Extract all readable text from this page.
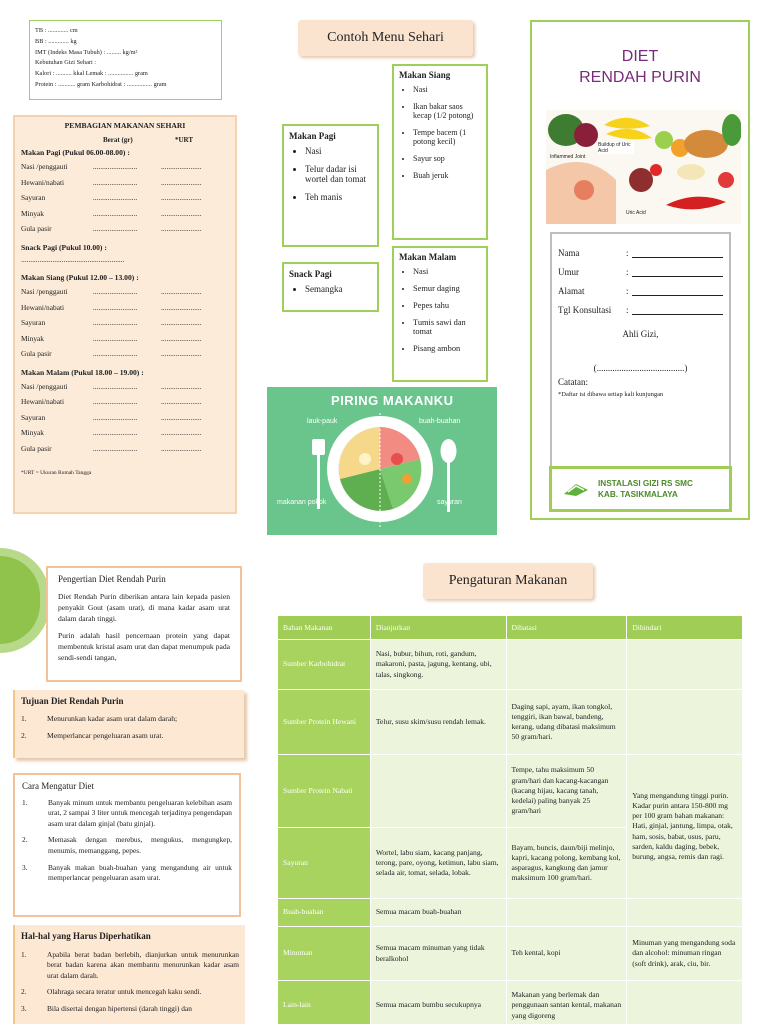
TB : ............. cm
BB : ............. kg
IMT (Indeks Masa Tubuh) : ......... kg/m²
Kebutuhan Gizi Sehari :
Kalori : .......... kkal Lemak : ................ gram
Protein : ........... gram Karbohidrat : ................ gram
PEMBAGIAN MAKANAN SEHARI
Berat (gr)	*URT
Makan Pagi (Pukul 06.00-08.00) :
Nasi /penggauti	........................	......................
Hewani/nabati	........................	......................
Sayuran	........................	......................
Minyak	........................	......................
Gula pasir	........................	......................
Snack Pagi (Pukul 10.00) :
........................................................
Makan Siang (Pukul 12.00 – 13.00) :
Nasi /penggauti	........................	......................
Hewani/nabati	........................	......................
Sayuran	........................	......................
Minyak	........................	......................
Gula pasir	........................	......................
Makan Malam (Pukul 18.00 – 19.00) :
Nasi /penggauti	........................	......................
Hewani/nabati	........................	......................
Sayuran	........................	......................
Minyak	........................	......................
Gula pasir	........................	......................
*URT = Ukuran Rumah Tangga
Contoh Menu Sehari
Makan Pagi
• Nasi
• Telur dadar isi wortel dan tomat
• Teh manis
Snack Pagi
• Semangka
Makan Siang
• Nasi
• Ikan bakar saos kecap (1/2 potong)
• Tempe bacem (1 potong kecil)
• Sayur sop
• Buah jeruk
Makan Malam
• Nasi
• Semur daging
• Pepes tahu
• Tumis sawi dan tomat
• Pisang ambon
PIRING MAKANKU
lauk-pauk	buah-buahan
makanan pokok	sayuran
DIET
RENDAH PURIN
Inflammed Joint
Buildup of Uric Acid
Uric Acid
Nama	:
Umur	:
Alamat	:
Tgl Konsultasi	:
Ahli Gizi,
(.......................................)
Catatan:
*Daftar isi dibawa setiap kali kunjungan
INSTALASI GIZI RS SMC
KAB. TASIKMALAYA
Pengertian Diet Rendah Purin

Diet Rendah Purin diberikan antara lain kepada pasien penyakit Gout (asam urat), di mana kadar asam urat dalam darah tinggi.

Purin adalah hasil pencernaan protein yang dapat membentuk kristal asam urat dan dapat menumpuk pada sendi-sendi tangan,

Tujuan Diet Rendah Purin
1.	Menurunkan kadar asam urat dalam darah;
2.	Memperlancar pengeluaran asam urat.
Cara Mengatur Diet
1.	Banyak minum untuk membantu pengeluaran kelebihan asam urat, 2 sampai 3 liter untuk mencegah terjadinya pengendapan asam urat dalam ginjal (batu ginjal).
2.	Memasak dengan merebus, mengukus, mengungkep, menumis, memanggang, pepes.
3.	Banyak makan buah-buahan yang mengandung air untuk memperlancar pengeluaran asam urat.
Hal-hal yang Harus Diperhatikan
1.	Apabila berat badan berlebih, dianjurkan untuk menurunkan berat badan karena akan membantu menurunkan kadar asam urat dalam darah.
2.	Olahraga secara teratur untuk mencegah kaku sendi.
3.	Bila disertai dengan hipertensi (darah tinggi) dan
Pengaturan Makanan
Bahan Makanan	Dianjurkan	Dibatasi	Dihindari
Sumber Karbohidrat	Nasi, bubur, bihun, roti, gandum, makaroni, pasta, jagung, kentang, ubi, talas, singkong.		
Sumber Protein Hewani	Telur, susu skim/susu rendah lemak.	Daging sapi, ayam, ikan tongkol, tenggiri, ikan bawal, bandeng, kerang, udang dibatasi maksimum 50 gram/hari.	
Sumber Protein Nabati		Tempe, tahu maksimum 50 gram/hari dan kacang-kacangan (kacang hijau, kacang tanah, kedelai) paling banyak 25 gram/hari	Yang mengandung tinggi purin. Kadar purin antara 150-800 mg per 100 gram bahan makanan: Hati, ginjal, jantung, limpa, otak, ham, sosis, babat, usus, paru, sarden, kaldu daging, bebek, burung, angsa, remis dan ragi.
Sayuran	Wortel, labu siam, kacang panjang, terong, pare, oyong, ketimun, labu siam, selada air, tomat, selada, lobak.	Bayam, buncis, daun/biji melinjo, kapri, kacang polong, kembang kol, asparagus, kangkung dan jamur maksimum 100 gram/hari.	
Buah-buahan	Semua macam buah-buahan		
Minuman	Semua macam minuman yang tidak beralkohol	Teh kental, kopi	Minuman yang mengandung soda dan alcohol: minuman ringan (soft drink), arak, ciu, bir.
Lain-lain	Semua macam bumbu secukupnya	Makanan yang berlemak dan penggunaan santan kental, makanan yang digoreng	
